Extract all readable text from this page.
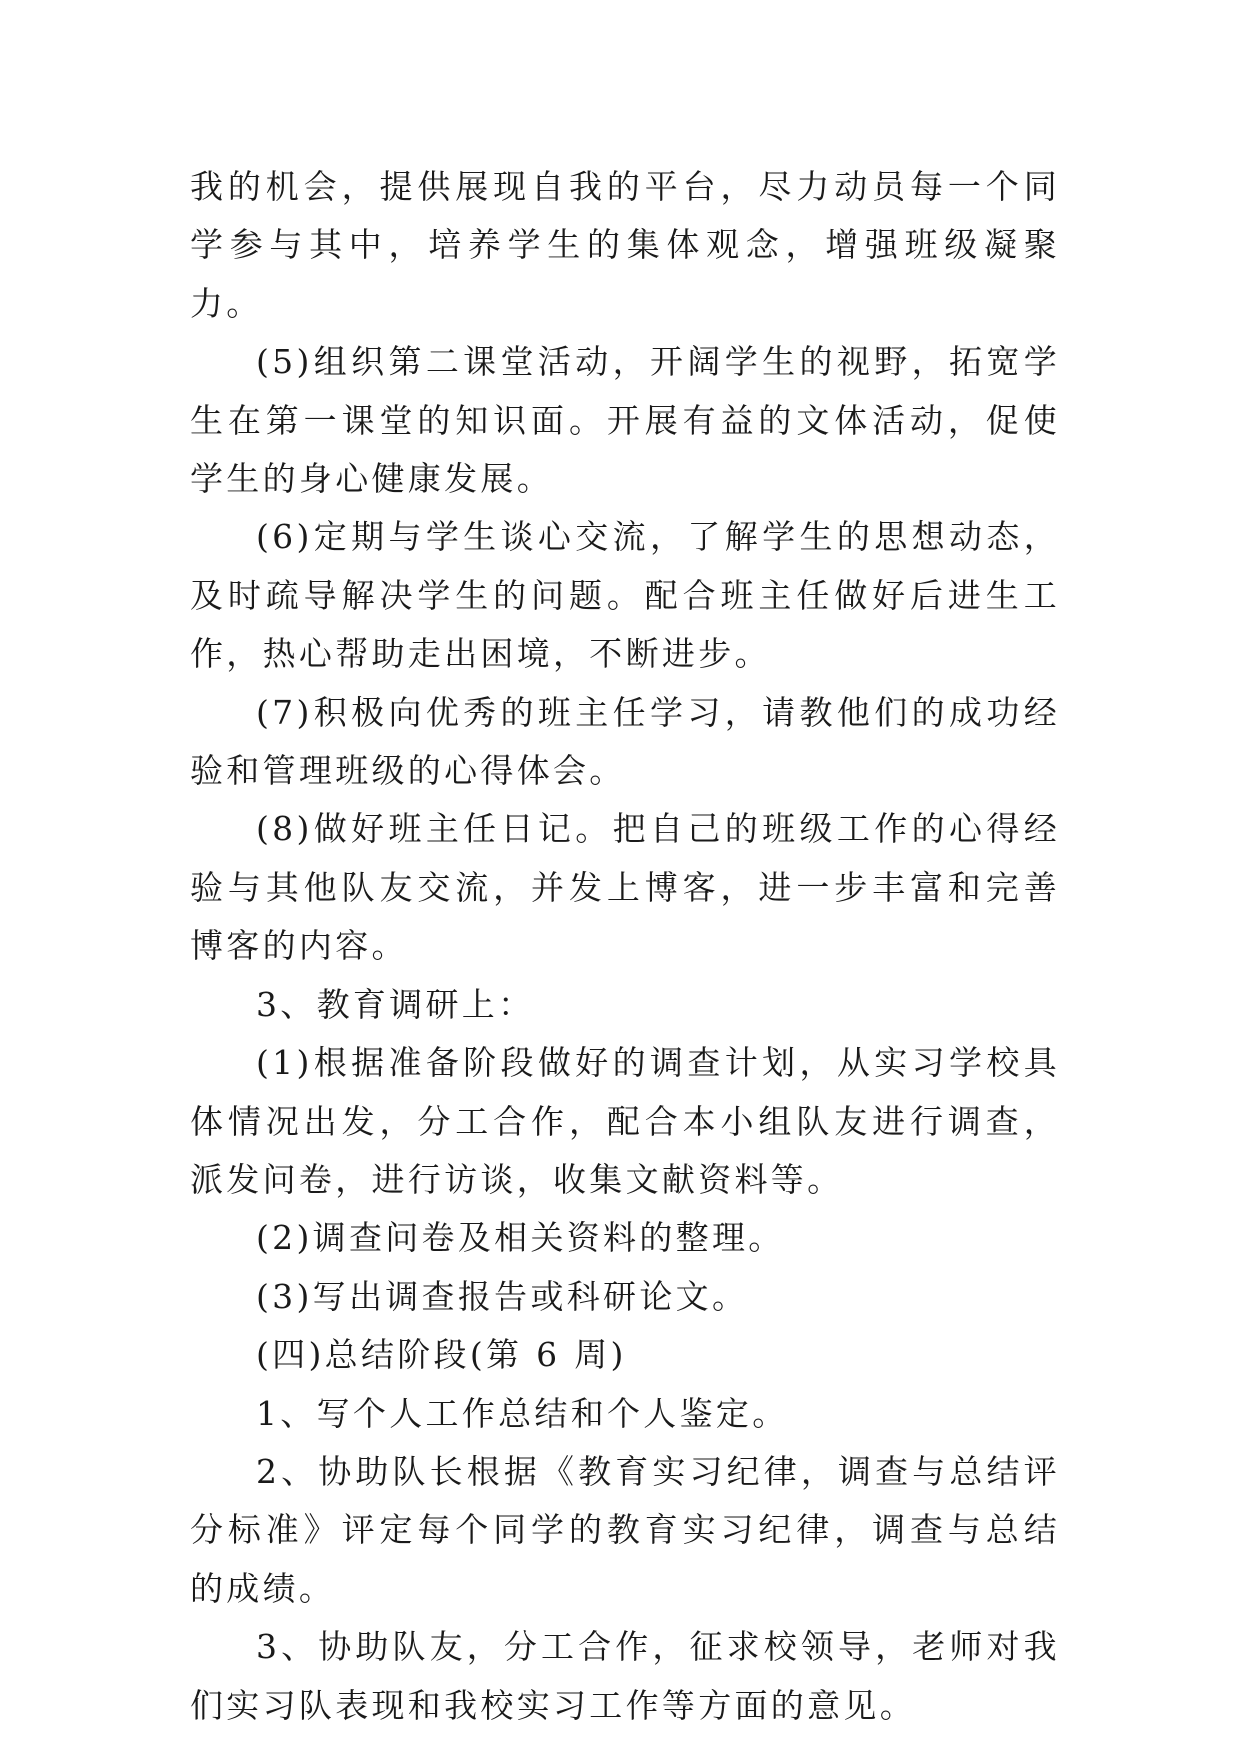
我的机会，提供展现自我的平台，尽力动员每一个同学参与其中，培养学生的集体观念，增强班级凝聚力。

(5)组织第二课堂活动，开阔学生的视野，拓宽学生在第一课堂的知识面。开展有益的文体活动，促使学生的身心健康发展。

(6)定期与学生谈心交流，了解学生的思想动态，及时疏导解决学生的问题。配合班主任做好后进生工作，热心帮助走出困境，不断进步。

(7)积极向优秀的班主任学习，请教他们的成功经验和管理班级的心得体会。

(8)做好班主任日记。把自己的班级工作的心得经验与其他队友交流，并发上博客，进一步丰富和完善博客的内容。

3、教育调研上：

(1)根据准备阶段做好的调查计划，从实习学校具体情况出发，分工合作，配合本小组队友进行调查，派发问卷，进行访谈，收集文献资料等。

(2)调查问卷及相关资料的整理。

(3)写出调查报告或科研论文。

(四)总结阶段(第 6 周)

1、写个人工作总结和个人鉴定。

2、协助队长根据《教育实习纪律，调查与总结评分标准》评定每个同学的教育实习纪律，调查与总结的成绩。

3、协助队友，分工合作，征求校领导，老师对我们实习队表现和我校实习工作等方面的意见。
